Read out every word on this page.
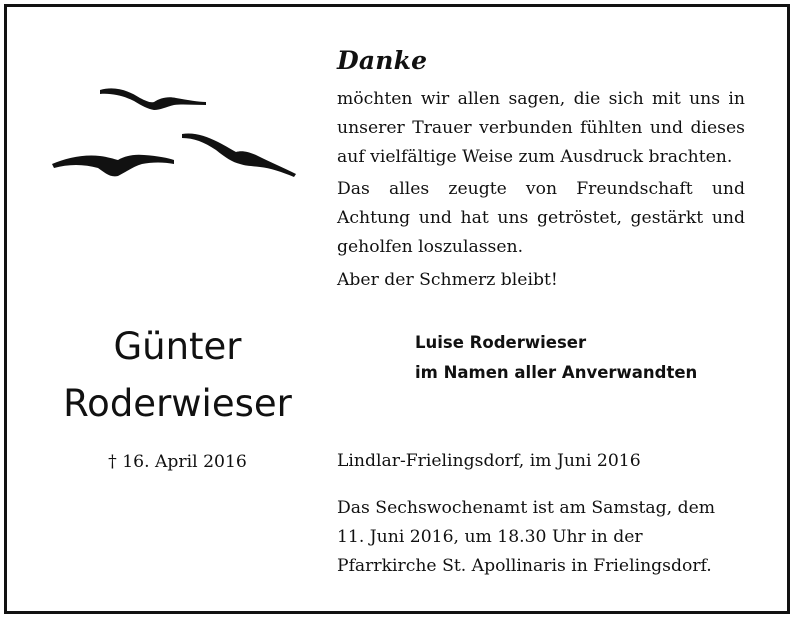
Danke

möchten wir allen sagen, die sich mit uns in unserer Trauer verbunden fühlten und dieses auf vielfältige Weise zum Ausdruck brachten.

Das alles zeugte von Freundschaft und Achtung und hat uns getröstet, gestärkt und geholfen loszulassen.

Aber der Schmerz bleibt!

Günter
Roderwieser
† 16. April 2016
Luise Roderwieser
im Namen aller Anverwandten
Lindlar-Frielingsdorf, im Juni 2016
Das Sechswochenamt ist am Samstag, dem
11. Juni 2016, um 18.30 Uhr in der
Pfarrkirche St. Apollinaris in Frielingsdorf.
